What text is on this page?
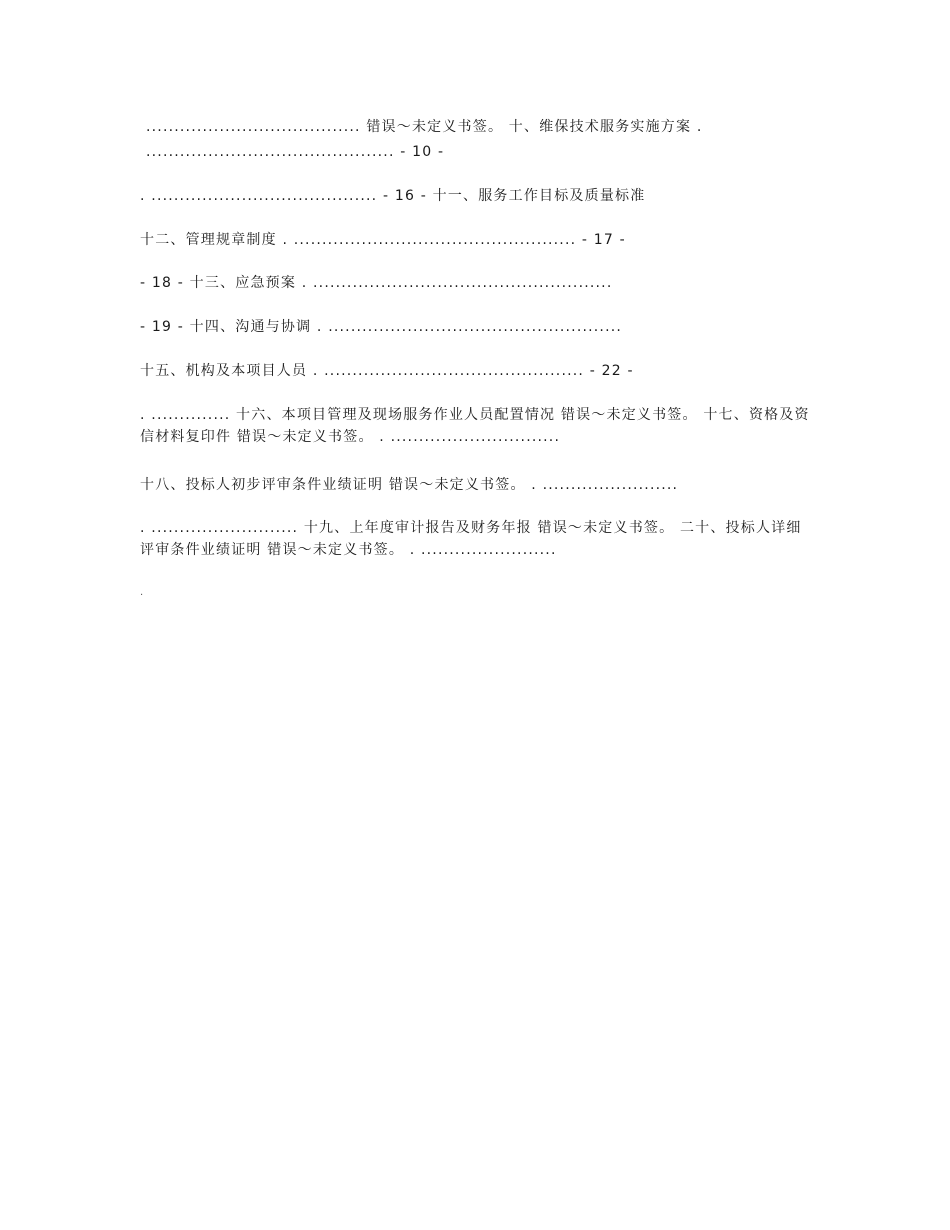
...................................... 错误～未定义书签。 十、维保技术服务实施方案 .
............................................ - 10 -
. ........................................ - 16 - 十一、服务工作目标及质量标准
十二、管理规章制度 . .................................................. - 17 -
- 18 - 十三、应急预案 . .....................................................
- 19 - 十四、沟通与协调 . ....................................................
十五、机构及本项目人员 . .............................................. - 22 -
. .............. 十六、本项目管理及现场服务作业人员配置情况 错误～未定义书签。 十七、资格及资信材料复印件 错误～未定义书签。 . ..............................
十八、投标人初步评审条件业绩证明 错误～未定义书签。 . ........................
. .......................... 十九、上年度审计报告及财务年报 错误～未定义书签。 二十、投标人详细评审条件业绩证明 错误～未定义书签。 . ........................
.
